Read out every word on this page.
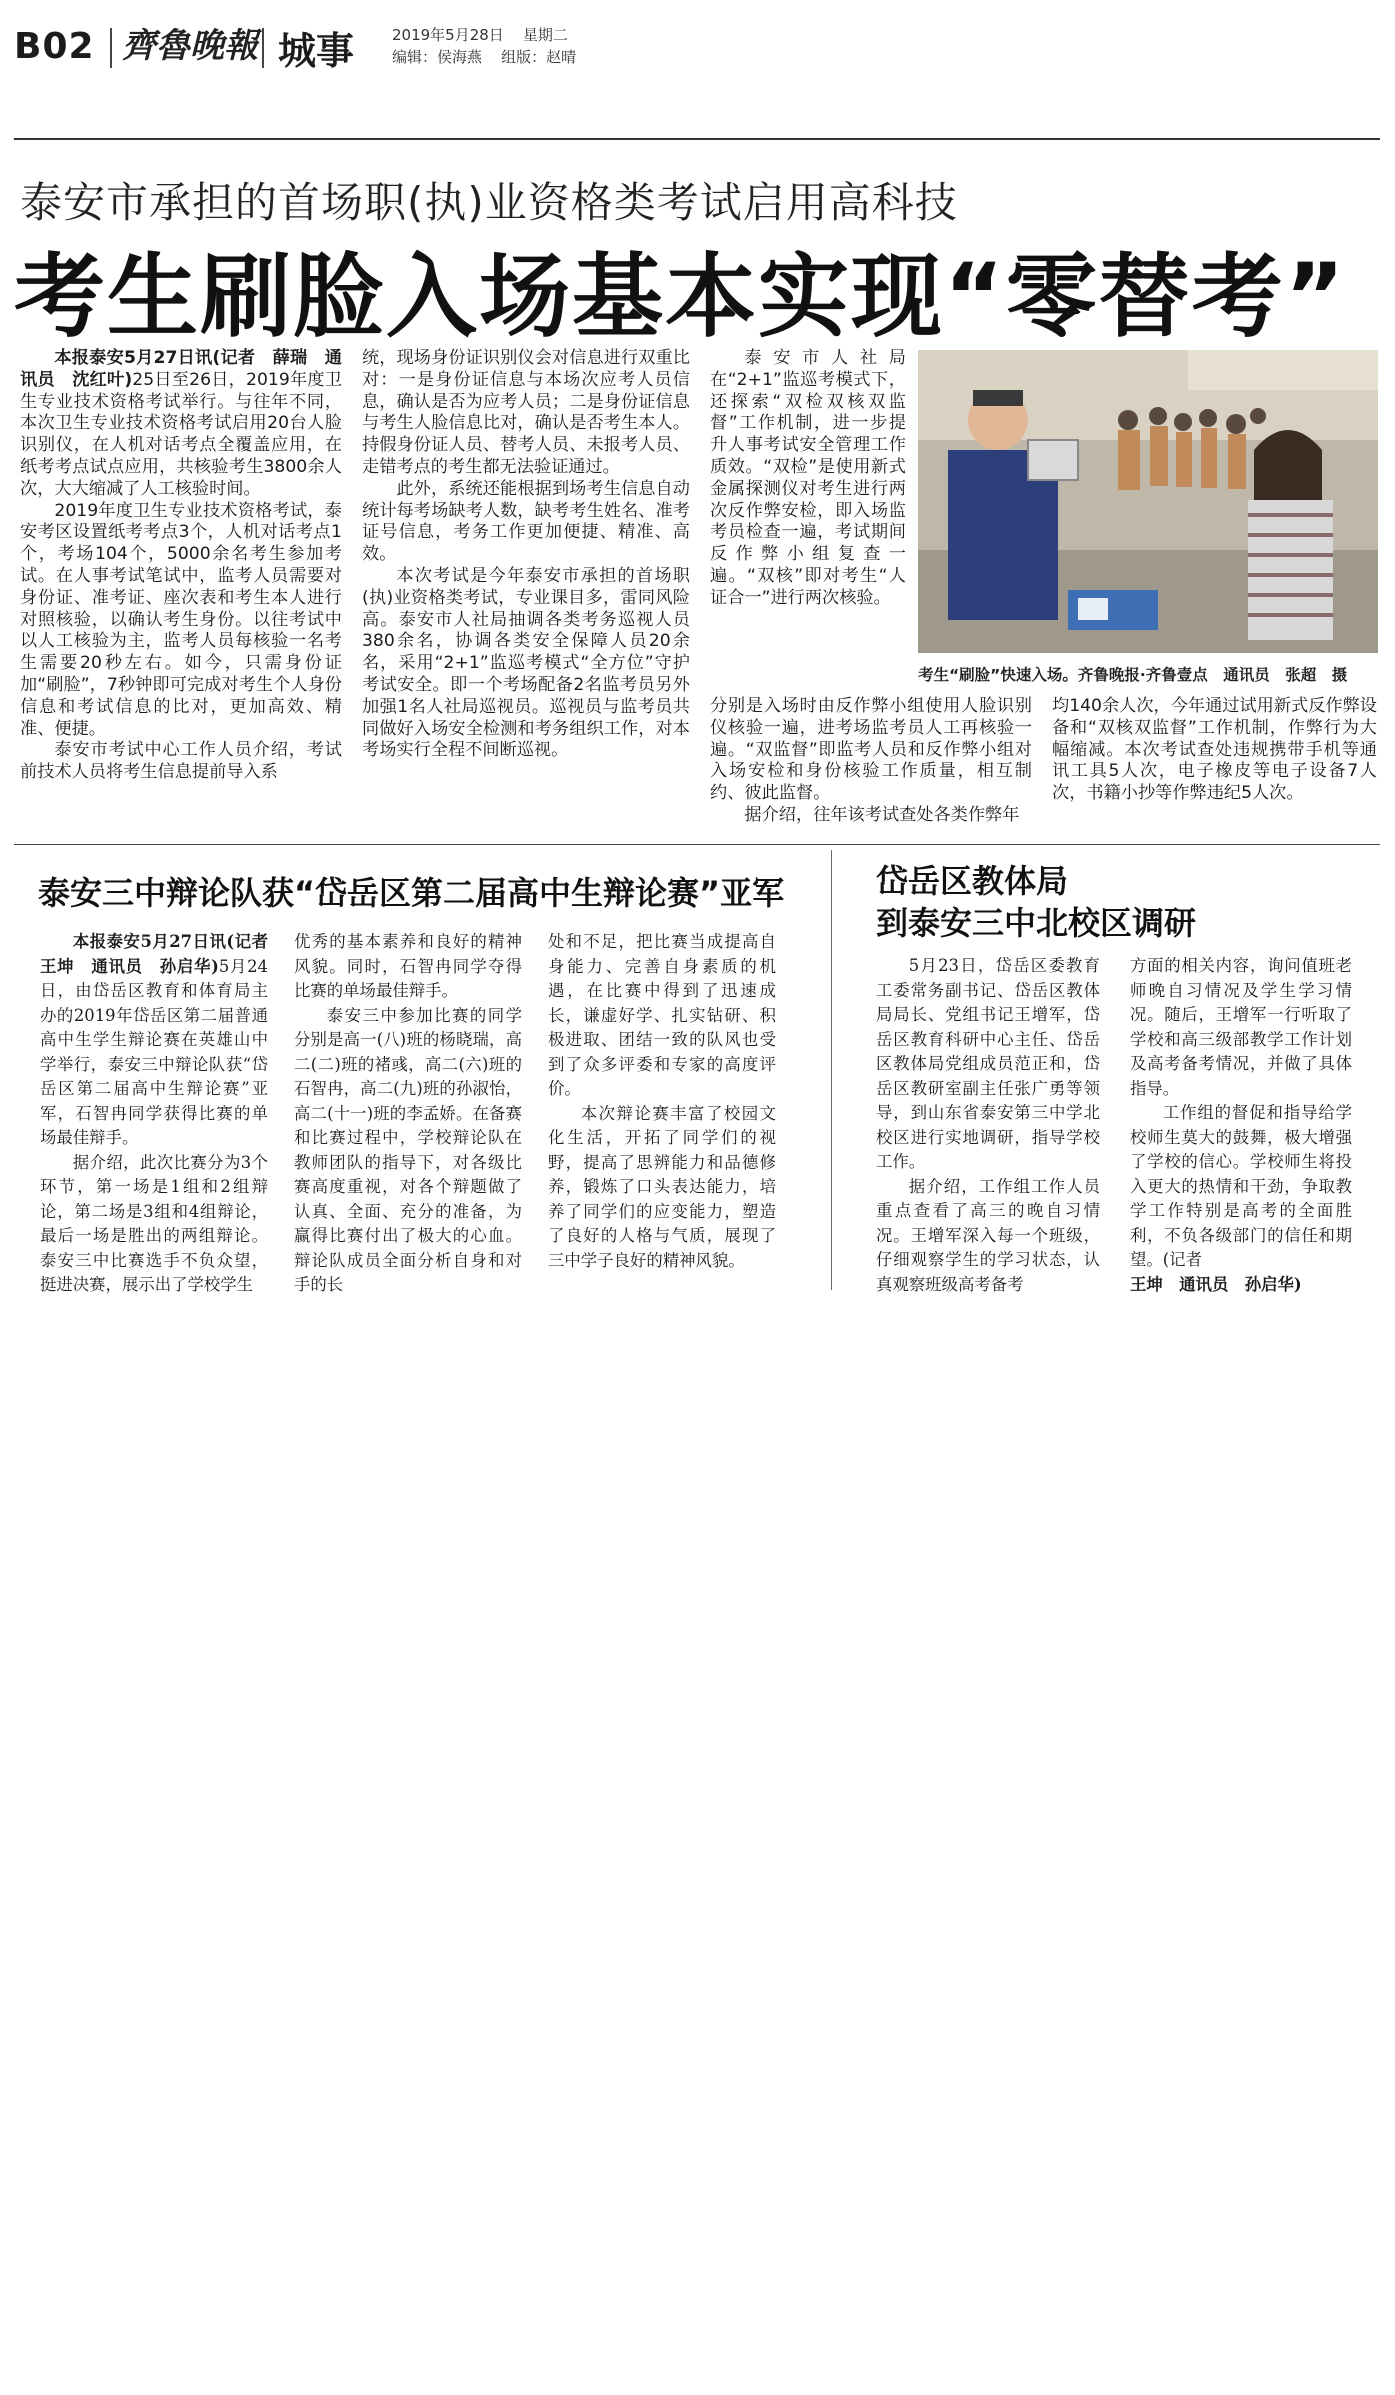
B02 齊魯晚報 城事	2019年5月28日 星期二
编辑：侯海燕 组版：赵晴
泰安市承担的首场职(执)业资格类考试启用高科技
考生刷脸入场基本实现“零替考”

本报泰安5月27日讯(记者　薛瑞　通讯员　沈红叶)25日至26日，2019年度卫生专业技术资格考试举行。与往年不同，本次卫生专业技术资格考试启用20台人脸识别仪，在人机对话考点全覆盖应用，在纸考考点试点应用，共核验考生3800余人次，大大缩减了人工核验时间。

2019年度卫生专业技术资格考试，泰安考区设置纸考考点3个，人机对话考点1个，考场104个，5000余名考生参加考试。在人事考试笔试中，监考人员需要对身份证、准考证、座次表和考生本人进行对照核验，以确认考生身份。以往考试中以人工核验为主，监考人员每核验一名考生需要20秒左右。如今，只需身份证加“刷脸”，7秒钟即可完成对考生个人身份信息和考试信息的比对，更加高效、精准、便捷。

泰安市考试中心工作人员介绍，考试前技术人员将考生信息提前导入系

统，现场身份证识别仪会对信息进行双重比对：一是身份证信息与本场次应考人员信息，确认是否为应考人员；二是身份证信息与考生人脸信息比对，确认是否考生本人。持假身份证人员、替考人员、未报考人员、走错考点的考生都无法验证通过。

此外，系统还能根据到场考生信息自动统计每考场缺考人数，缺考考生姓名、准考证号信息，考务工作更加便捷、精准、高效。

本次考试是今年泰安市承担的首场职(执)业资格类考试，专业课目多，雷同风险高。泰安市人社局抽调各类考务巡视人员380余名，协调各类安全保障人员20余名，采用“2+1”监巡考模式“全方位”守护考试安全。即一个考场配备2名监考员另外加强1名人社局巡视员。巡视员与监考员共同做好入场安全检测和考务组织工作，对本考场实行全程不间断巡视。

泰安市人社局在“2+1”监巡考模式下，还探索“双检双核双监督”工作机制，进一步提升人事考试安全管理工作质效。“双检”是使用新式金属探测仪对考生进行两次反作弊安检，即入场监考员检查一遍，考试期间反作弊小组复查一遍。“双核”即对考生“人证合一”进行两次核验。

分别是入场时由反作弊小组使用人脸识别仪核验一遍，进考场监考员人工再核验一遍。“双监督”即监考人员和反作弊小组对入场安检和身份核验工作质量，相互制约、彼此监督。

据介绍，往年该考试查处各类作弊年

均140余人次，今年通过试用新式反作弊设备和“双核双监督”工作机制，作弊行为大幅缩减。本次考试查处违规携带手机等通讯工具5人次，电子橡皮等电子设备7人次，书籍小抄等作弊违纪5人次。

考生“刷脸”快速入场。齐鲁晚报·齐鲁壹点　通讯员　张超　摄
泰安三中辩论队获“岱岳区第二届高中生辩论赛”亚军

本报泰安5月27日讯(记者　王坤　通讯员　孙启华)5月24日，由岱岳区教育和体育局主办的2019年岱岳区第二届普通高中生学生辩论赛在英雄山中学举行，泰安三中辩论队获“岱岳区第二届高中生辩论赛”亚军，石智冉同学获得比赛的单场最佳辩手。

据介绍，此次比赛分为3个环节，第一场是1组和2组辩论，第二场是3组和4组辩论，最后一场是胜出的两组辩论。泰安三中比赛选手不负众望，挺进决赛，展示出了学校学生

优秀的基本素养和良好的精神风貌。同时，石智冉同学夺得比赛的单场最佳辩手。

泰安三中参加比赛的同学分别是高一(八)班的杨晓瑞，高二(二)班的褚彧，高二(六)班的石智冉，高二(九)班的孙淑怡，高二(十一)班的李孟娇。在备赛和比赛过程中，学校辩论队在教师团队的指导下，对各级比赛高度重视，对各个辩题做了认真、全面、充分的准备，为赢得比赛付出了极大的心血。辩论队成员全面分析自身和对手的长

处和不足，把比赛当成提高自身能力、完善自身素质的机遇，在比赛中得到了迅速成长，谦虚好学、扎实钻研、积极进取、团结一致的队风也受到了众多评委和专家的高度评价。

本次辩论赛丰富了校园文化生活，开拓了同学们的视野，提高了思辨能力和品德修养，锻炼了口头表达能力，培养了同学们的应变能力，塑造了良好的人格与气质，展现了三中学子良好的精神风貌。

岱岳区教体局
到泰安三中北校区调研

5月23日，岱岳区委教育工委常务副书记、岱岳区教体局局长、党组书记王增军，岱岳区教育科研中心主任、岱岳区教体局党组成员范正和，岱岳区教研室副主任张广勇等领导，到山东省泰安第三中学北校区进行实地调研，指导学校工作。

据介绍，工作组工作人员重点查看了高三的晚自习情况。王增军深入每一个班级，仔细观察学生的学习状态，认真观察班级高考备考

方面的相关内容，询问值班老师晚自习情况及学生学习情况。随后，王增军一行听取了学校和高三级部教学工作计划及高考备考情况，并做了具体指导。

工作组的督促和指导给学校师生莫大的鼓舞，极大增强了学校的信心。学校师生将投入更大的热情和干劲，争取教学工作特别是高考的全面胜利，不负各级部门的信任和期望。(记者

王坤　通讯员　孙启华)
